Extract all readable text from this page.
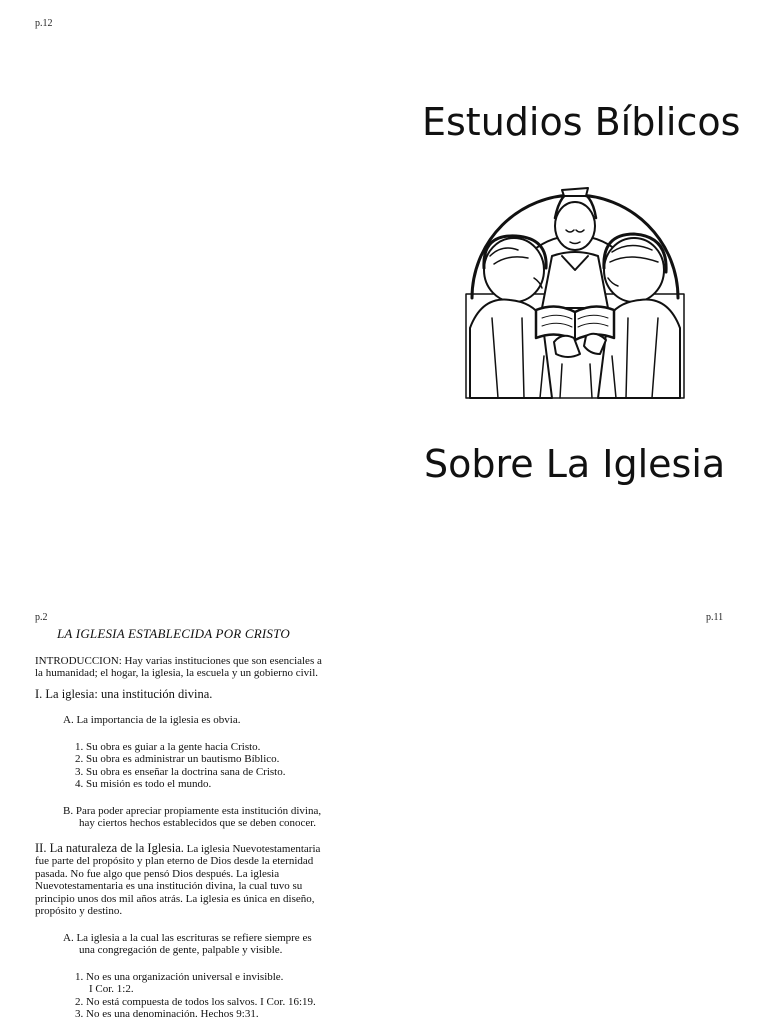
p.12
Estudios Bíblicos
Sobre La Iglesia
p.2	p.11
LA IGLESIA ESTABLECIDA POR CRISTO

INTRODUCCION: Hay varias instituciones que son esenciales a

la humanidad; el hogar, la iglesia, la escuela y un gobierno civil.

I. La iglesia: una institución divina.
A. La importancia de la iglesia es obvia.
1. Su obra es guiar a la gente hacia Cristo.
2. Su obra es administrar un bautismo Bíblico.
3. Su obra es enseñar la doctrina sana de Cristo.
4. Su misión es todo el mundo.
B. Para poder apreciar propiamente esta institución divina,
hay ciertos hechos establecidos que se deben conocer.
II. La naturaleza de la Iglesia. La iglesia Nuevotestamentaria
fue parte del propósito y plan eterno de Dios desde la eternidad
pasada. No fue algo que pensó Dios después. La iglesia
Nuevotestamentaria es una institución divina, la cual tuvo su
principio unos dos mil años atrás. La iglesia es única en diseño,
propósito y destino.
A. La iglesia a la cual las escrituras se refiere siempre es
una congregación de gente, palpable y visible.
1. No es una organización universal e invisible.
I Cor. 1:2.
2. No está compuesta de todos los salvos. I Cor. 16:19.
3. No es una denominación. Hechos 9:31.
